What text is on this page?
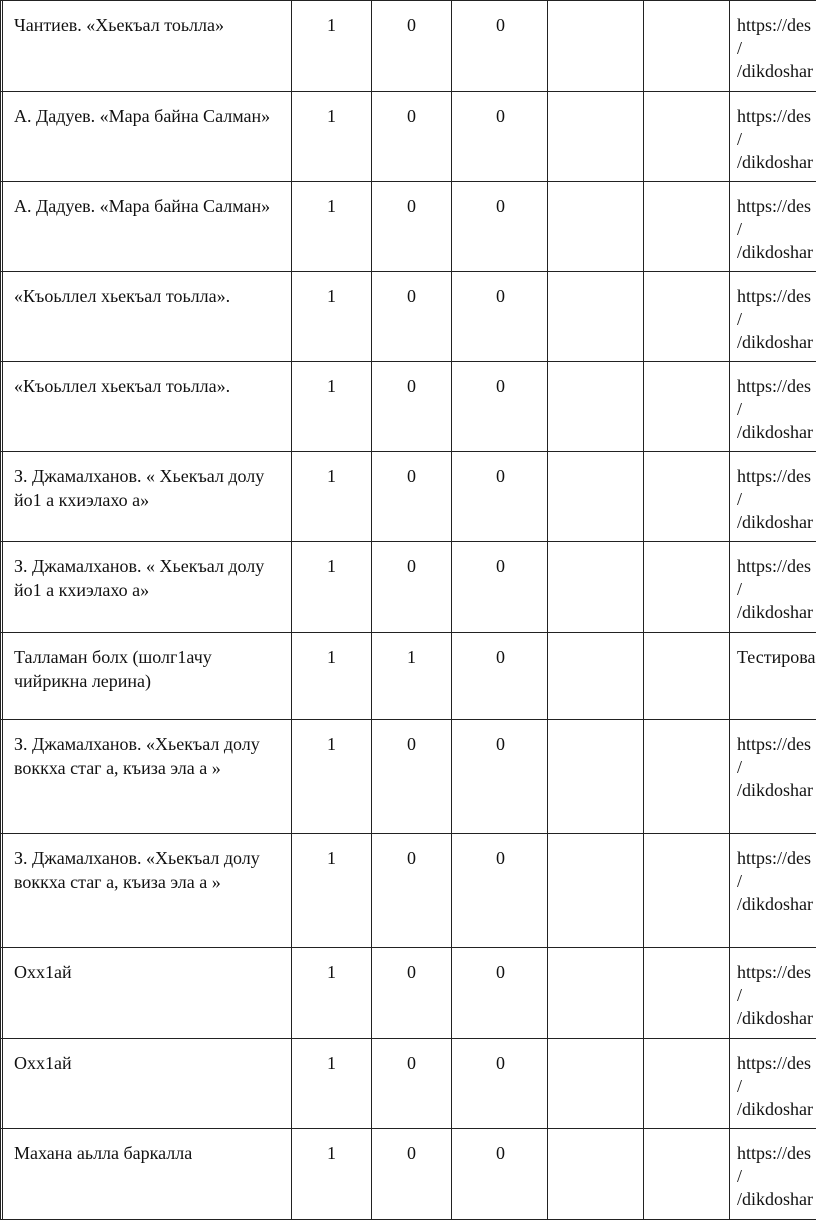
	Чантиев. «Хьекъал тоьлла»	1	0	0			https://des
/
/dikdoshar

	А. Дадуев. «Мара байна Салман»	1	0	0			https://des
/
/dikdoshar

	А. Дадуев. «Мара байна Салман»	1	0	0			https://des
/
/dikdoshar

	«Къоьллел хьекъал тоьлла».	1	0	0			https://des
/
/dikdoshar

	«Къоьллел хьекъал тоьлла».	1	0	0			https://des
/
/dikdoshar

	З. Джамалханов. « Хьекъал долу йо1 а кхиэлахо а»	1	0	0			https://des
/
/dikdoshar

	З. Джамалханов. « Хьекъал долу йо1 а кхиэлахо а»	1	0	0			https://des
/
/dikdoshar

	Талламан болх (шолг1ачу чийрикна лерина)	1	1	0			Тестирова

	З. Джамалханов. «Хьекъал долу воккха стаг а, къиза эла а »	1	0	0			https://des
/
/dikdoshar

	З. Джамалханов. «Хьекъал долу воккха стаг а, къиза эла а »	1	0	0			https://des
/
/dikdoshar

	Охх1ай	1	0	0			https://des
/
/dikdoshar

	Охх1ай	1	0	0			https://des
/
/dikdoshar

	Махана аьлла баркалла	1	0	0			https://des
/
/dikdoshar
